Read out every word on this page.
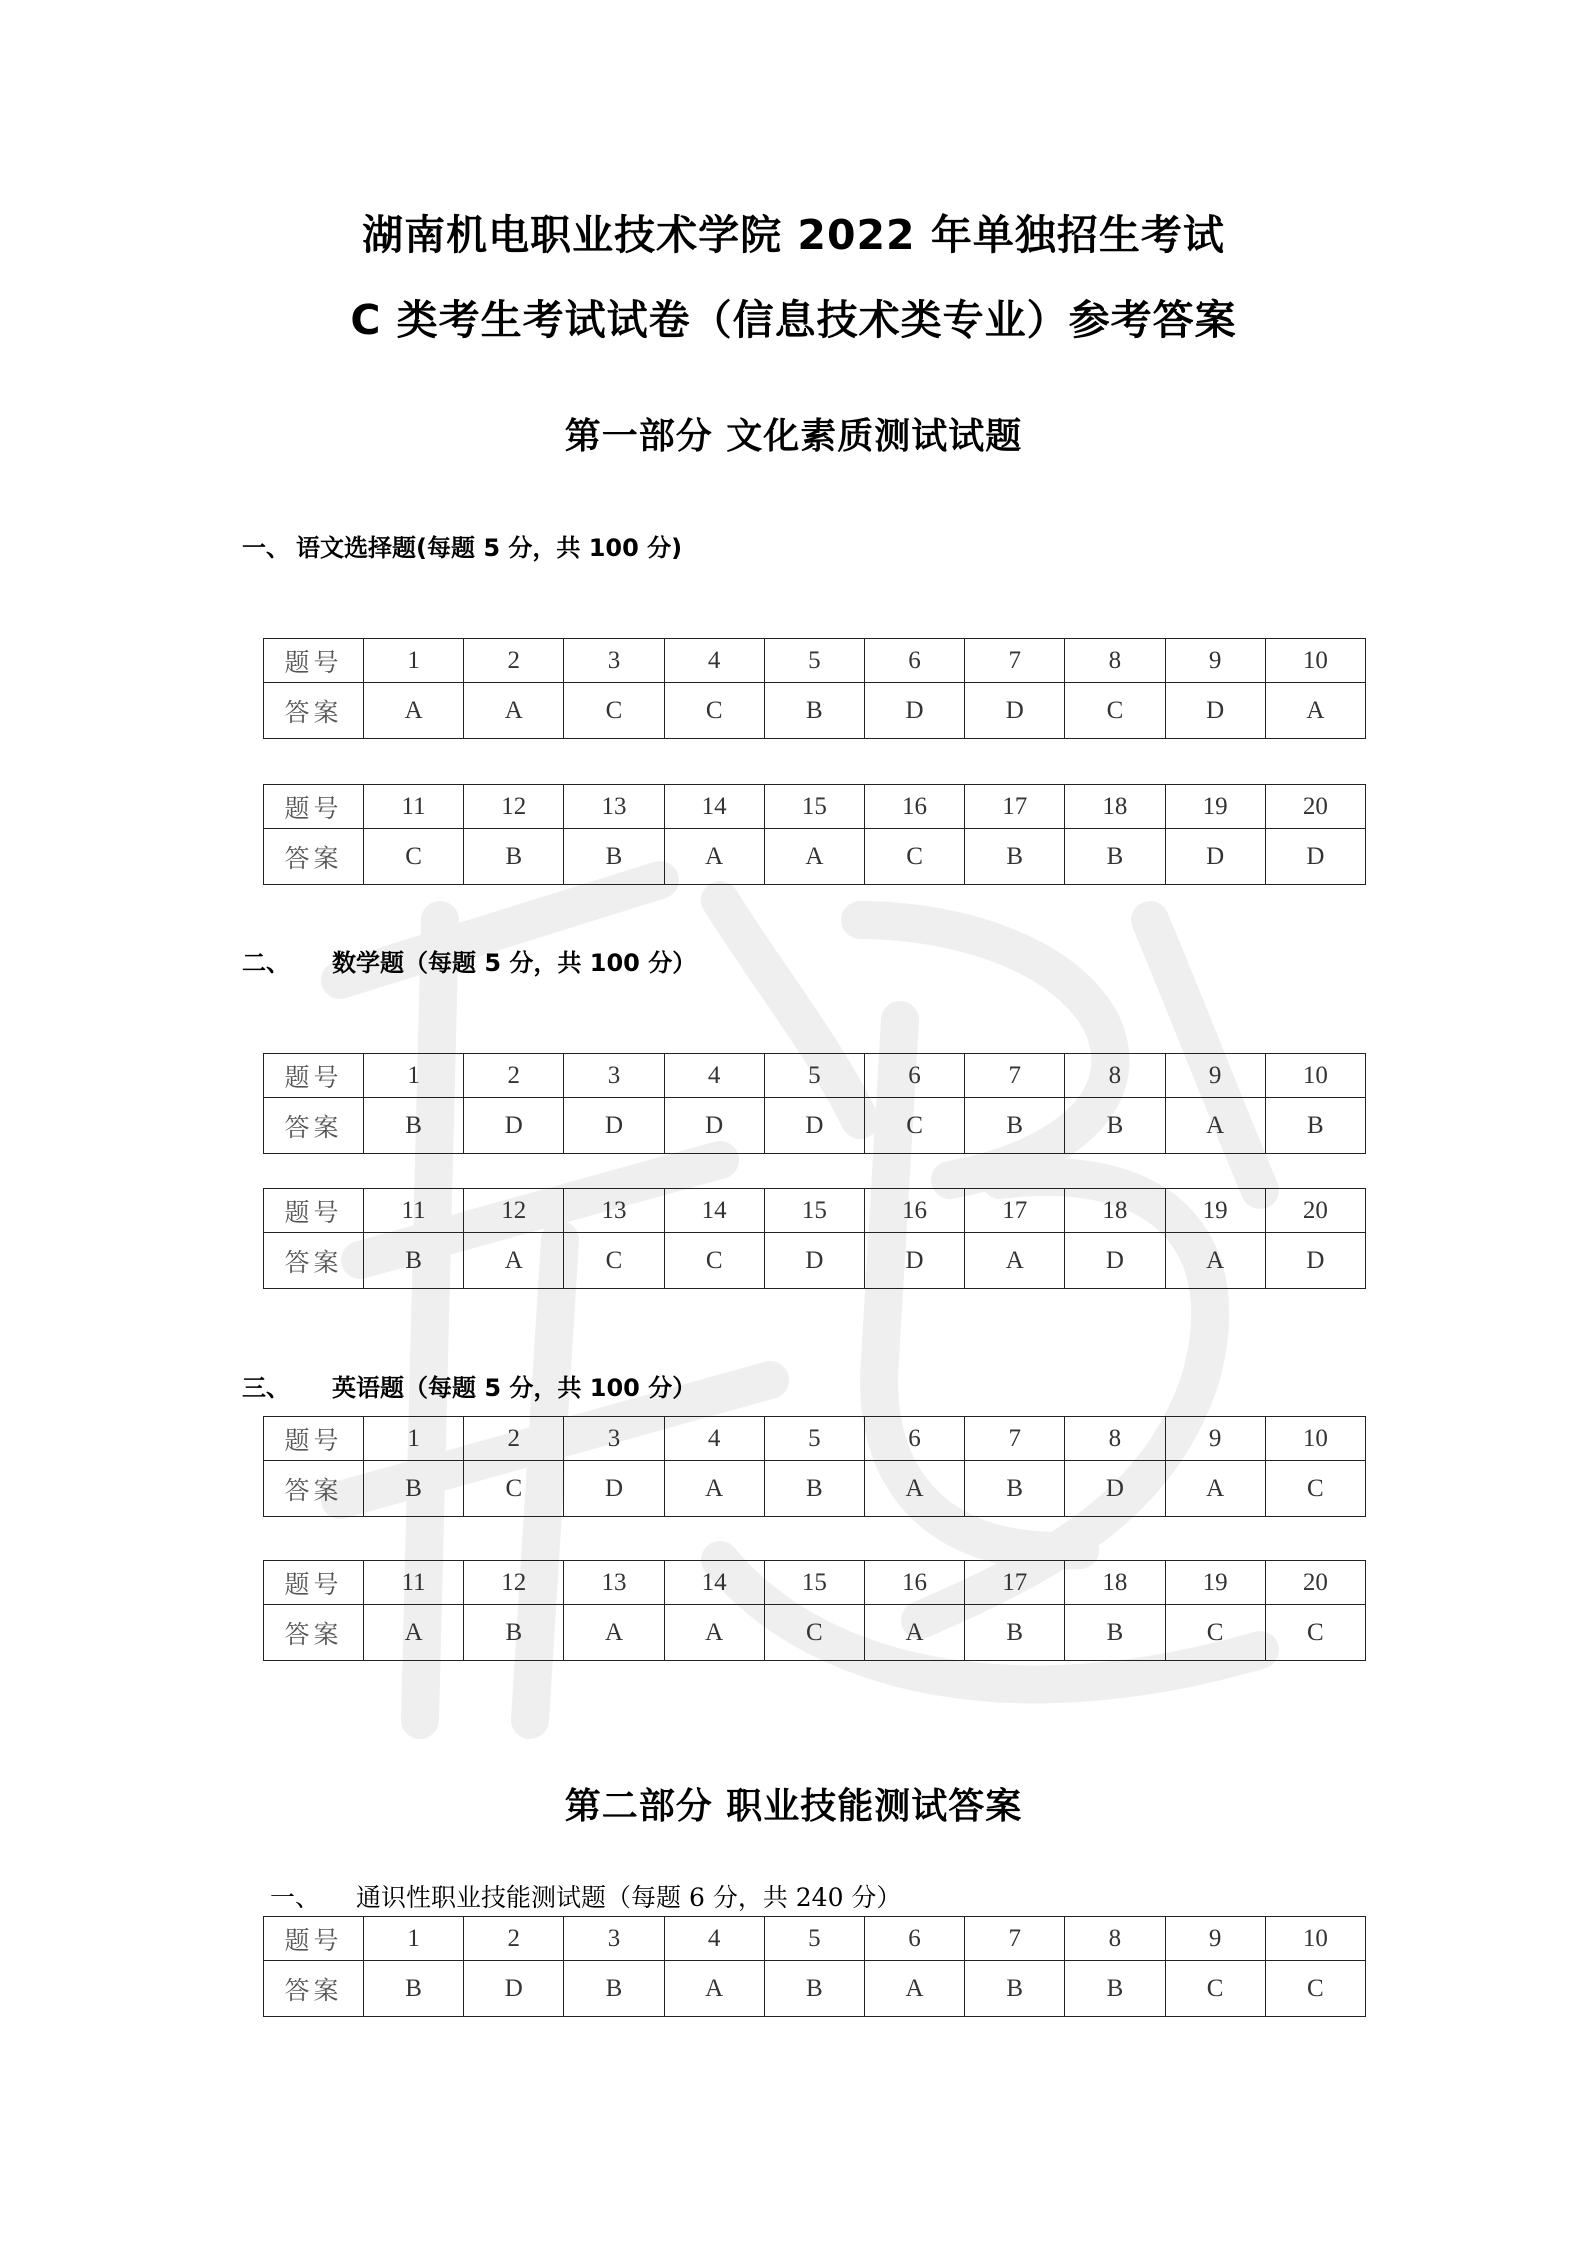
湖南机电职业技术学院 2022 年单独招生考试
C 类考生考试试卷（信息技术类专业）参考答案
第一部分 文化素质测试试题
一、 语文选择题(每题 5 分，共 100 分)
题号	1	2	3	4	5	6	7	8	9	10
答案	A	A	C	C	B	D	D	C	D	A
题号	11	12	13	14	15	16	17	18	19	20
答案	C	B	B	A	A	C	B	B	D	D
二、 数学题（每题 5 分，共 100 分）
题号	1	2	3	4	5	6	7	8	9	10
答案	B	D	D	D	D	C	B	B	A	B
题号	11	12	13	14	15	16	17	18	19	20
答案	B	A	C	C	D	D	A	D	A	D
三、 英语题（每题 5 分，共 100 分）
题号	1	2	3	4	5	6	7	8	9	10
答案	B	C	D	A	B	A	B	D	A	C
题号	11	12	13	14	15	16	17	18	19	20
答案	A	B	A	A	C	A	B	B	C	C
第二部分 职业技能测试答案
一、 通识性职业技能测试题（每题 6 分，共 240 分）
题号	1	2	3	4	5	6	7	8	9	10
答案	B	D	B	A	B	A	B	B	C	C
